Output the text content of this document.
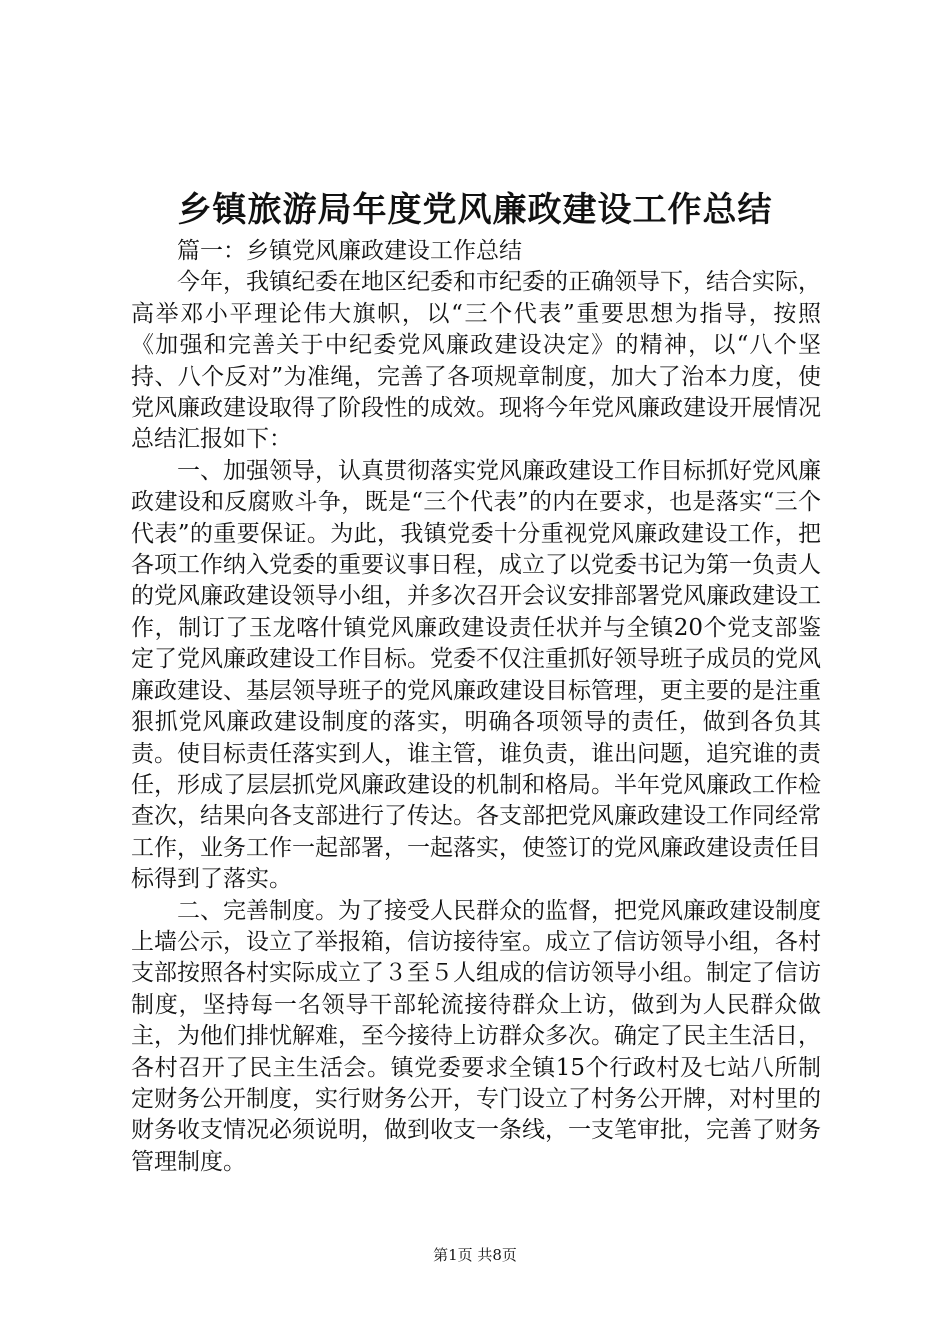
乡镇旅游局年度党风廉政建设工作总结

篇一：乡镇党风廉政建设工作总结

今年，我镇纪委在地区纪委和市纪委的正确领导下，结合实际，高举邓小平理论伟大旗帜，以“三个代表”重要思想为指导，按照《加强和完善关于中纪委党风廉政建设决定》的精神，以“八个坚持、八个反对”为准绳，完善了各项规章制度，加大了治本力度，使党风廉政建设取得了阶段性的成效。现将今年党风廉政建设开展情况总结汇报如下：

一、加强领导，认真贯彻落实党风廉政建设工作目标抓好党风廉政建设和反腐败斗争，既是“三个代表”的内在要求，也是落实“三个代表”的重要保证。为此，我镇党委十分重视党风廉政建设工作，把各项工作纳入党委的重要议事日程，成立了以党委书记为第一负责人的党风廉政建设领导小组，并多次召开会议安排部署党风廉政建设工作，制订了玉龙喀什镇党风廉政建设责任状并与全镇20个党支部鉴定了党风廉政建设工作目标。党委不仅注重抓好领导班子成员的党风廉政建设、基层领导班子的党风廉政建设目标管理，更主要的是注重狠抓党风廉政建设制度的落实，明确各项领导的责任，做到各负其责。使目标责任落实到人，谁主管，谁负责，谁出问题，追究谁的责任，形成了层层抓党风廉政建设的机制和格局。半年党风廉政工作检查次，结果向各支部进行了传达。各支部把党风廉政建设工作同经常工作，业务工作一起部署，一起落实，使签订的党风廉政建设责任目标得到了落实。

二、完善制度。为了接受人民群众的监督，把党风廉政建设制度上墙公示，设立了举报箱，信访接待室。成立了信访领导小组，各村支部按照各村实际成立了３至５人组成的信访领导小组。制定了信访制度，坚持每一名领导干部轮流接待群众上访，做到为人民群众做主，为他们排忧解难，至今接待上访群众多次。确定了民主生活日，各村召开了民主生活会。镇党委要求全镇15个行政村及七站八所制定财务公开制度，实行财务公开，专门设立了村务公开牌，对村里的财务收支情况必须说明，做到收支一条线，一支笔审批，完善了财务管理制度。

第1页 共8页
